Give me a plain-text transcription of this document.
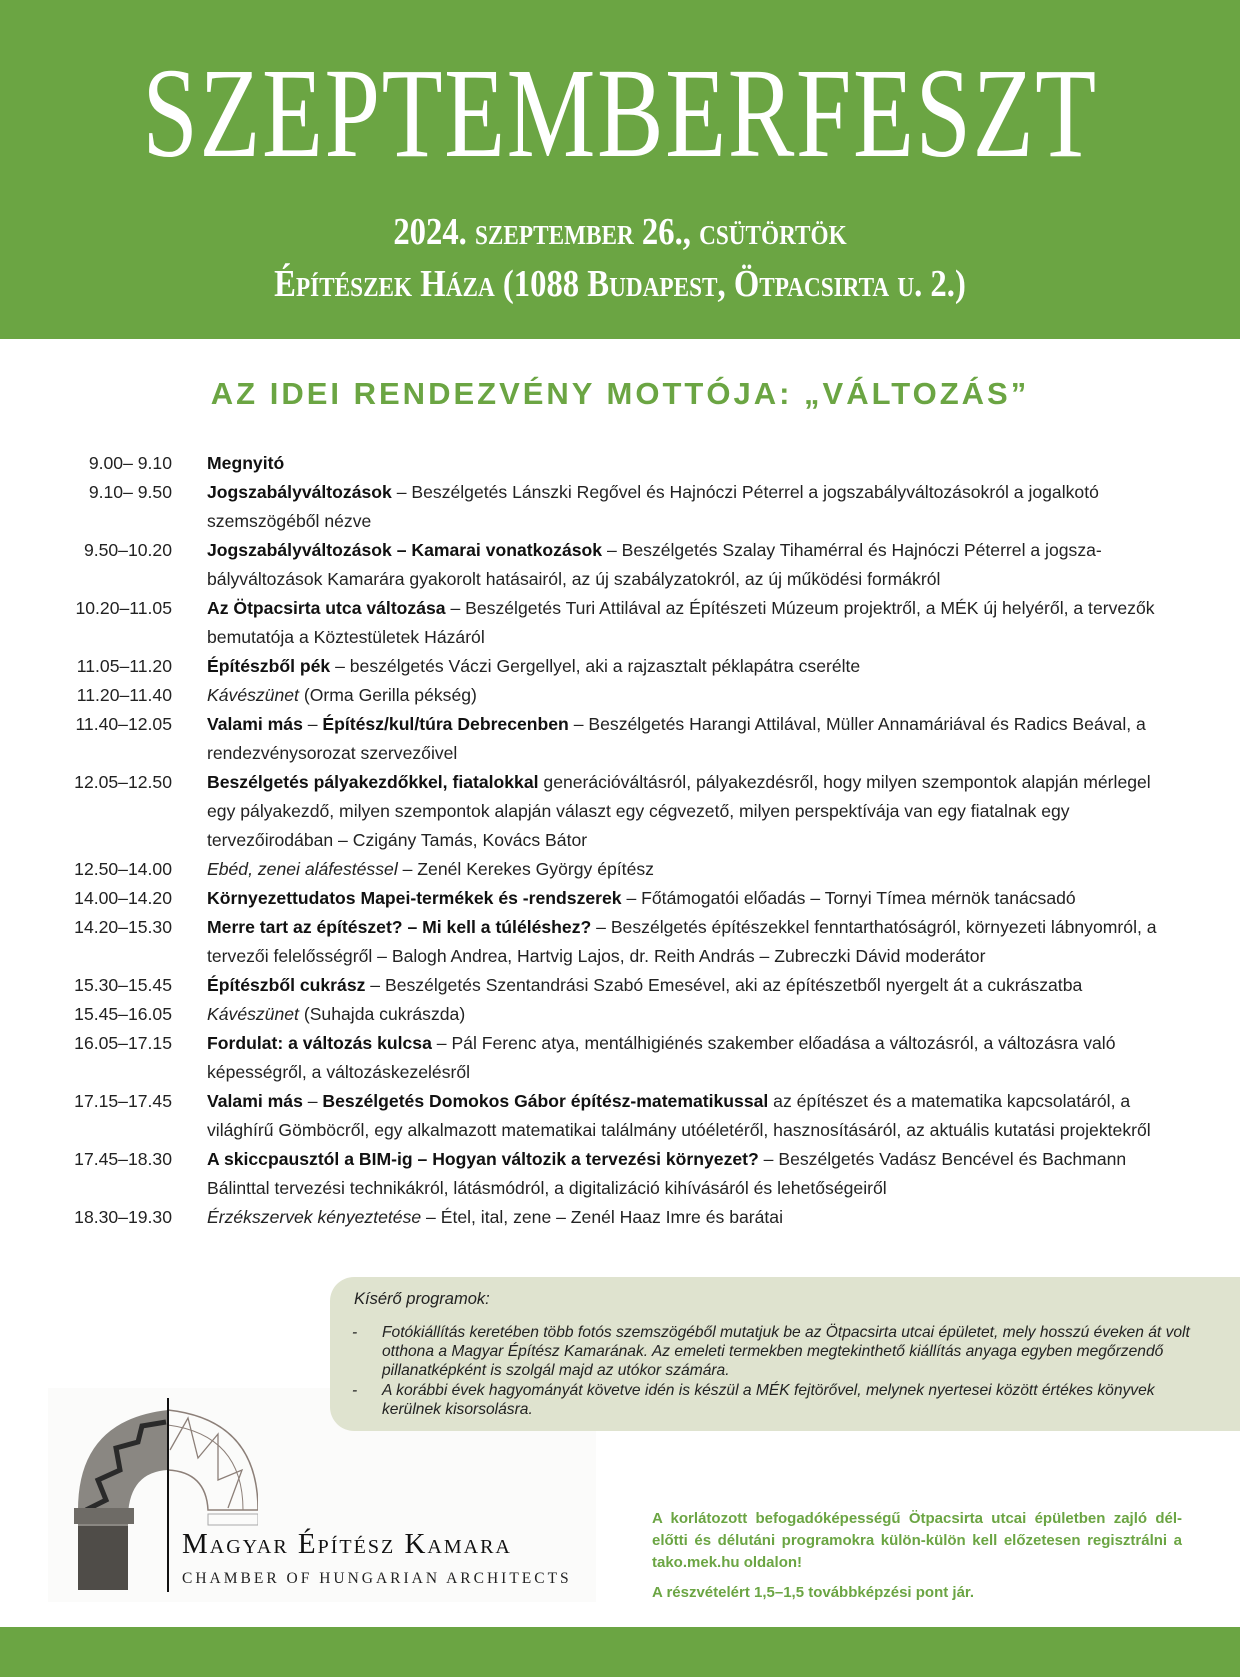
SZEPTEMBERFESZT
2024. szeptember 26., csütörtök
Építészek Háza (1088 Budapest, Ötpacsirta u. 2.)
AZ IDEI RENDEZVÉNY MOTTÓJA: „VÁLTOZÁS”
9.00– 9.10 Megnyitó
9.10– 9.50 Jogszabályváltozások – Beszélgetés Lánszki Regővel és Hajnóczi Péterrel a jogszabályváltozásokról a jogalkotó szemszögéből nézve
9.50–10.20 Jogszabályváltozások – Kamarai vonatkozások – Beszélgetés Szalay Tihamérral és Hajnóczi Péterrel a jogszabályváltozások Kamarára gyakorolt hatásairól, az új szabályzatokról, az új működési formákról
10.20–11.05 Az Ötpacsirta utca változása – Beszélgetés Turi Attilával az Építészeti Múzeum projektről, a MÉK új helyéről, a tervezők bemutatója a Köztestületek Házáról
11.05–11.20 Építészből pék – beszélgetés Váczi Gergellyel, aki a rajzasztalt péklapátra cserélte
11.20–11.40 Kávészünet (Orma Gerilla pékség)
11.40–12.05 Valami más – Építész/kul/túra Debrecenben – Beszélgetés Harangi Attilával, Müller Annamáriával és Radics Beával, a rendezvénysorozat szervezőivel
12.05–12.50 Beszélgetés pályakezdőkkel, fiatalokkal generációváltásról, pályakezdésről, hogy milyen szempontok alapján mérlegel egy pályakezdő, milyen szempontok alapján választ egy cégvezető, milyen perspektívája van egy fiatalnak egy tervezőirodában – Czigány Tamás, Kovács Bátor
12.50–14.00 Ebéd, zenei aláfestéssel – Zenél Kerekes György építész
14.00–14.20 Környezettudatos Mapei-termékek és -rendszerek – Főtámogatói előadás – Tornyi Tímea mérnök tanácsadó
14.20–15.30 Merre tart az építészet? – Mi kell a túléléshez? – Beszélgetés építészekkel fenntarthatóságról, környezeti lábnyomról, a tervezői felelősségről – Balogh Andrea, Hartvig Lajos, dr. Reith András – Zubreczki Dávid moderátor
15.30–15.45 Építészből cukrász – Beszélgetés Szentandrási Szabó Emesével, aki az építészetből nyergelt át a cukrászatba
15.45–16.05 Kávészünet (Suhajda cukrászda)
16.05–17.15 Fordulat: a változás kulcsa – Pál Ferenc atya, mentálhigiénés szakember előadása a változásról, a változásra való képességről, a változáskezelésről
17.15–17.45 Valami más – Beszélgetés Domokos Gábor építész-matematikussal az építészet és a matematika kapcsolatáról, a világhírű Gömböcről, egy alkalmazott matematikai találmány utóéletéről, hasznosításáról, az aktuális kutatási projektekről
17.45–18.30 A skiccpausztól a BIM-ig – Hogyan változik a tervezési környezet? – Beszélgetés Vadász Bencével és Bachmann Bálinttal tervezési technikákról, látásmódról, a digitalizáció kihívásáról és lehetőségeiről
18.30–19.30 Érzékszervek kényeztetése – Étel, ital, zene – Zenél Haaz Imre és barátai
Magyar Építész Kamara
CHAMBER OF HUNGARIAN ARCHITECTS
Kísérő programok:
-	Fotókiállítás keretében több fotós szemszögéből mutatjuk be az Ötpacsirta utcai épületet, mely hosszú éveken át volt otthona a Magyar Építész Kamarának. Az emeleti termekben megtekinthető kiállítás anyaga egyben megőrzendő pillanatképként is szolgál majd az utókor számára.
-	A korábbi évek hagyományát követve idén is készül a MÉK fejtörővel, melynek nyertesei között értékes könyvek kerülnek kisorsolásra.
A korlátozott befogadóképességű Ötpacsirta utcai épületben zajló délelőtti és délutáni programokra külön-külön kell előzetesen regisztrálni a tako.mek.hu oldalon!
A részvételért 1,5–1,5 továbbképzési pont jár.
